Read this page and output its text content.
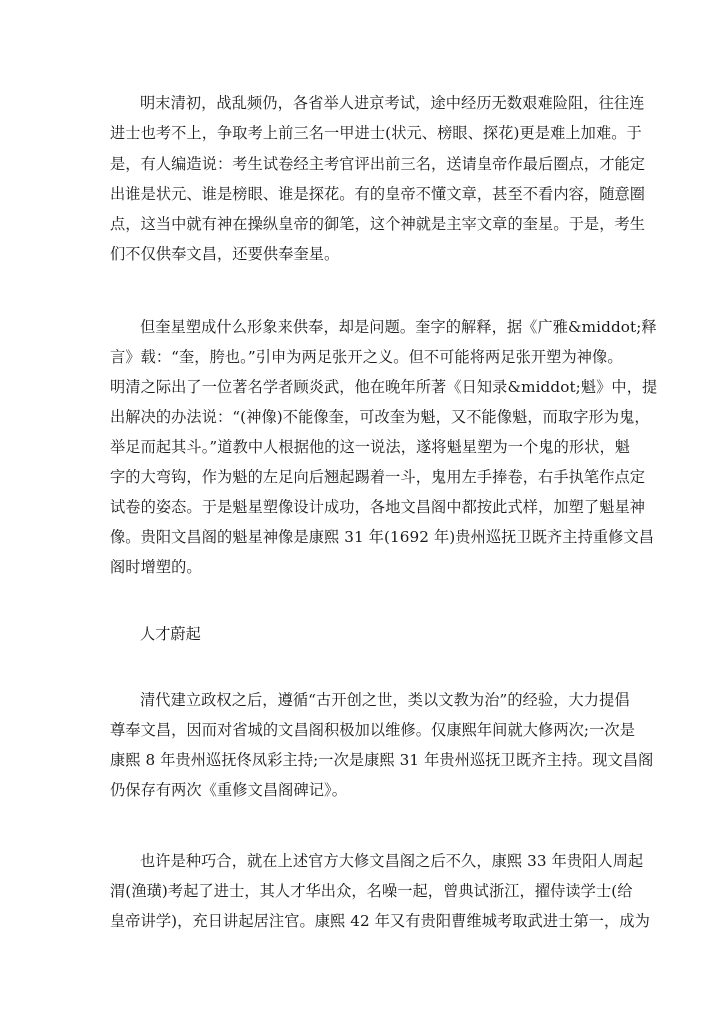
明末清初，战乱频仍，各省举人进京考试，途中经历无数艰难险阻，往往连
进士也考不上，争取考上前三名一甲进士(状元、榜眼、探花)更是难上加难。于
是，有人编造说：考生试卷经主考官评出前三名，送请皇帝作最后圈点，才能定
出谁是状元、谁是榜眼、谁是探花。有的皇帝不懂文章，甚至不看内容，随意圈
点，这当中就有神在操纵皇帝的御笔，这个神就是主宰文章的奎星。于是，考生
们不仅供奉文昌，还要供奉奎星。
但奎星塑成什么形象来供奉，却是问题。奎字的解释，据《广雅&middot;释
言》载：“奎，胯也。”引申为两足张开之义。但不可能将两足张开塑为神像。
明清之际出了一位著名学者顾炎武，他在晚年所著《日知录&middot;魁》中，提
出解决的办法说：“(神像)不能像奎，可改奎为魁，又不能像魁，而取字形为鬼，
举足而起其斗。”道教中人根据他的这一说法，遂将魁星塑为一个鬼的形状，魁
字的大弯钩，作为魁的左足向后翘起踢着一斗，鬼用左手捧卷，右手执笔作点定
试卷的姿态。于是魁星塑像设计成功，各地文昌阁中都按此式样，加塑了魁星神
像。贵阳文昌阁的魁星神像是康熙 31 年(1692 年)贵州巡抚卫既齐主持重修文昌
阁时增塑的。
人才蔚起
清代建立政权之后，遵循“古开创之世，类以文教为治”的经验，大力提倡
尊奉文昌，因而对省城的文昌阁积极加以维修。仅康熙年间就大修两次;一次是
康熙 8 年贵州巡抚佟凤彩主持;一次是康熙 31 年贵州巡抚卫既齐主持。现文昌阁
仍保存有两次《重修文昌阁碑记》。
也许是种巧合，就在上述官方大修文昌阁之后不久，康熙 33 年贵阳人周起
渭(渔璜)考起了进士，其人才华出众，名噪一起，曾典试浙江，擢侍读学士(给
皇帝讲学)，充日讲起居注官。康熙 42 年又有贵阳曹维城考取武进士第一，成为
